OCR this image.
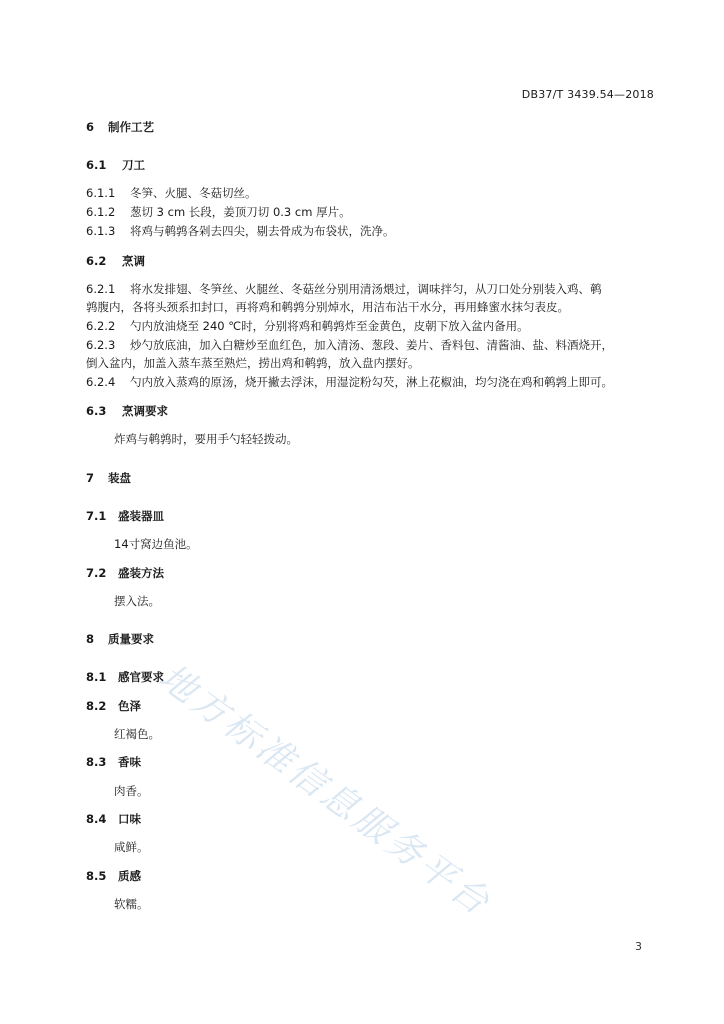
DB37/T 3439.54—2018
6 制作工艺
6.1 刀工
6.1.1 冬笋、火腿、冬菇切丝。
6.1.2 葱切 3 cm 长段，姜顶刀切 0.3 cm 厚片。
6.1.3 将鸡与鹌鹑各剁去四尖，剔去骨成为布袋状，洗净。
6.2 烹调
6.2.1 将水发排翅、冬笋丝、火腿丝、冬菇丝分别用清汤煨过，调味拌匀，从刀口处分别装入鸡、鹌
鹑腹内，各将头颈系扣封口，再将鸡和鹌鹑分别焯水，用洁布沾干水分，再用蜂蜜水抹匀表皮。
6.2.2 勺内放油烧至 240 ℃时，分别将鸡和鹌鹑炸至金黄色，皮朝下放入盆内备用。
6.2.3 炒勺放底油，加入白糖炒至血红色，加入清汤、葱段、姜片、香料包、清酱油、盐、料酒烧开，
倒入盆内，加盖入蒸车蒸至熟烂，捞出鸡和鹌鹑，放入盘内摆好。
6.2.4 勺内放入蒸鸡的原汤，烧开撇去浮沫，用湿淀粉勾芡，淋上花椒油，均匀浇在鸡和鹌鹑上即可。
6.3 烹调要求
炸鸡与鹌鹑时，要用手勺轻轻拨动。
7 装盘
7.1 盛装器皿
14寸窝边鱼池。
7.2 盛装方法
摆入法。
8 质量要求
8.1 感官要求
8.2 色泽
红褐色。
8.3 香味
肉香。
8.4 口味
咸鲜。
8.5 质感
软糯。 地方标准信息服务平台
3
